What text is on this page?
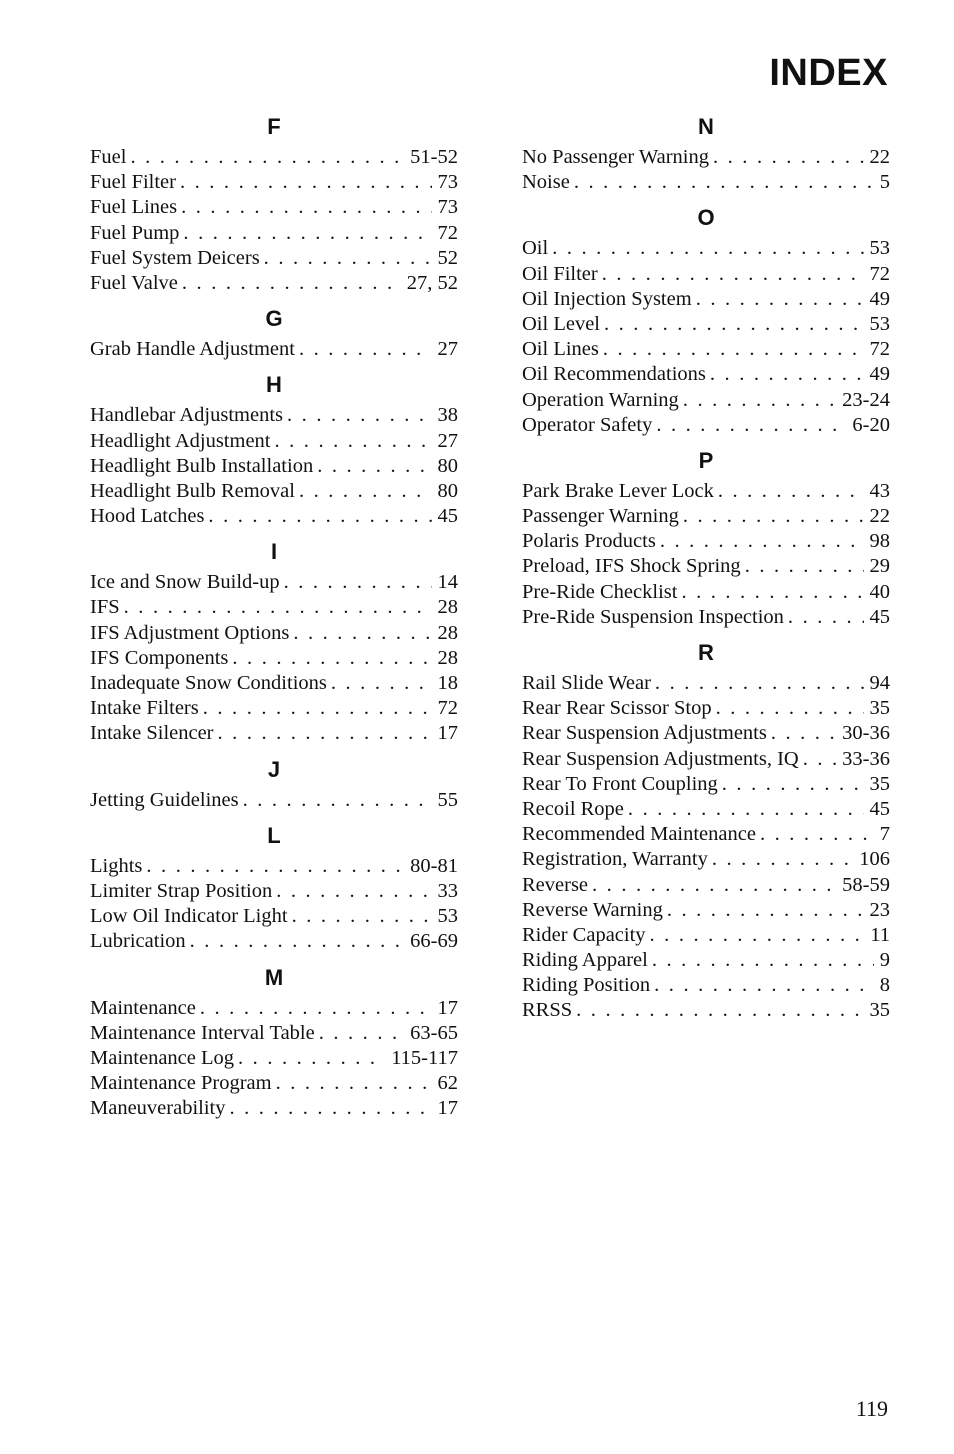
INDEX
F
Fuel . . .	51-52
Fuel Filter . . .	73
Fuel Lines . . .	73
Fuel Pump . . .	72
Fuel System Deicers . . .	52
Fuel Valve . . .	27, 52
G
Grab Handle Adjustment . . .	27
H
Handlebar Adjustments . . .	38
Headlight Adjustment . . .	27
Headlight Bulb Installation . . .	80
Headlight Bulb Removal . . .	80
Hood Latches . . .	45
I
Ice and Snow Build-up . . .	14
IFS . . .	28
IFS Adjustment Options . . .	28
IFS Components . . .	28
Inadequate Snow Conditions . . .	18
Intake Filters . . .	72
Intake Silencer . . .	17
J
Jetting Guidelines . . .	55
L
Lights . . .	80-81
Limiter Strap Position . . .	33
Low Oil Indicator Light . . .	53
Lubrication . . .	66-69
M
Maintenance . . .	17
Maintenance Interval Table . . .	63-65
Maintenance Log . . .	115-117
Maintenance Program . . .	62
Maneuverability . . .	17
N
No Passenger Warning . . .	22
Noise . . .	5
O
Oil . . .	53
Oil Filter . . .	72
Oil Injection System . . .	49
Oil Level . . .	53
Oil Lines . . .	72
Oil Recommendations . . .	49
Operation Warning . . .	23-24
Operator Safety . . .	6-20
P
Park Brake Lever Lock . . .	43
Passenger Warning . . .	22
Polaris Products . . .	98
Preload, IFS Shock Spring . . .	29
Pre-Ride Checklist . . .	40
Pre-Ride Suspension Inspection . . .	45
R
Rail Slide Wear . . .	94
Rear Rear Scissor Stop . . .	35
Rear Suspension Adjustments . . .	30-36
Rear Suspension Adjustments, IQ . . . 33-36
Rear To Front Coupling . . .	35
Recoil Rope . . .	45
Recommended Maintenance . . .	7
Registration, Warranty . . .	106
Reverse . . .	58-59
Reverse Warning . . .	23
Rider Capacity . . .	11
Riding Apparel . . .	9
Riding Position . . .	8
RRSS . . .	35
119
